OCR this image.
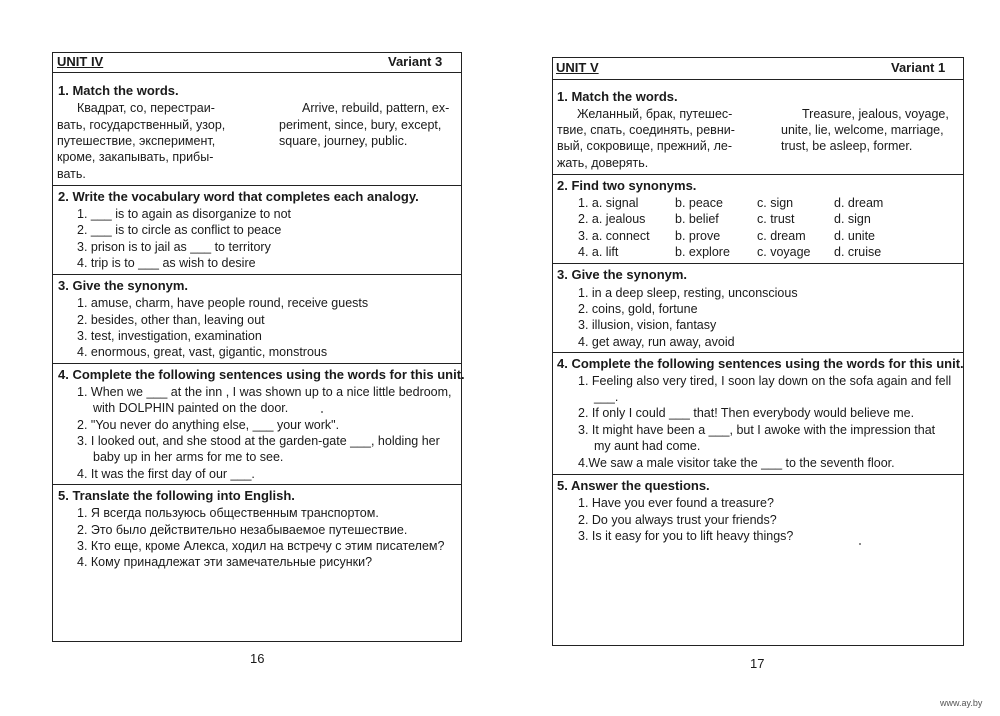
UNIT IV	Variant 3
1. Match the words.
Квадрат, со, перестраи-
вать, государственный, узор,
путешествие, эксперимент,
кроме, закапывать, прибы-
вать.
Arrive, rebuild, pattern, ex-
periment, since, bury, except,
square, journey, public.
2. Write the vocabulary word that completes each analogy.
1. ___ is to again as disorganize to not
2. ___ is to circle as conflict to peace
3. prison is to jail as ___ to territory
4. trip is to ___ as wish to desire
3. Give the synonym.
1. amuse, charm, have people round, receive guests
2. besides, other than, leaving out
3. test, investigation, examination
4. enormous, great, vast, gigantic, monstrous
4. Complete the following sentences using the words for this unit.
1. When we ___ at the inn , I was shown up to a nice little bedroom,
with DOLPHIN painted on the door.
2. "You never do anything else, ___ your work".
3. I looked out, and she stood at the garden-gate ___, holding her
baby up in her arms for me to see.
4. It was the first day of our ___.
5. Translate the following into English.
1. Я всегда пользуюсь общественным транспортом.
2. Это было действительно незабываемое путешествие.
3. Кто еще, кроме Алекса, ходил на встречу с этим писателем?
4. Кому принадлежат эти замечательные рисунки?
16
UNIT V	Variant 1
1. Match the words.
Желанный, брак, путешес-
твие, спать, соединять, ревни-
вый, сокровище, прежний, ле-
жать, доверять.
Treasure, jealous, voyage,
unite, lie, welcome, marriage,
trust, be asleep, former.
2. Find two synonyms.
1. a. signal	b. peace	c. sign	d. dream
2. a. jealous b. belief	c. trust	d. sign
3. a. connect b. prove	c. dream d. unite
4. a. lift	b. explore c. voyage d. cruise
3. Give the synonym.
1. in a deep sleep, resting, unconscious
2. coins, gold, fortune
3. illusion, vision, fantasy
4. get away, run away, avoid
4. Complete the following sentences using the words for this unit.
1. Feeling also very tired, I soon lay down on the sofa again and fell
___.
2. If only I could ___ that! Then everybody would believe me.
3. It might have been a ___, but I awoke with the impression that
my aunt had come.
4.We saw a male visitor take the ___ to the seventh floor.
5. Answer the questions.
1. Have you ever found a treasure?
2. Do you always trust your friends?
3. Is it easy for you to lift heavy things?
17
www.ay.by
